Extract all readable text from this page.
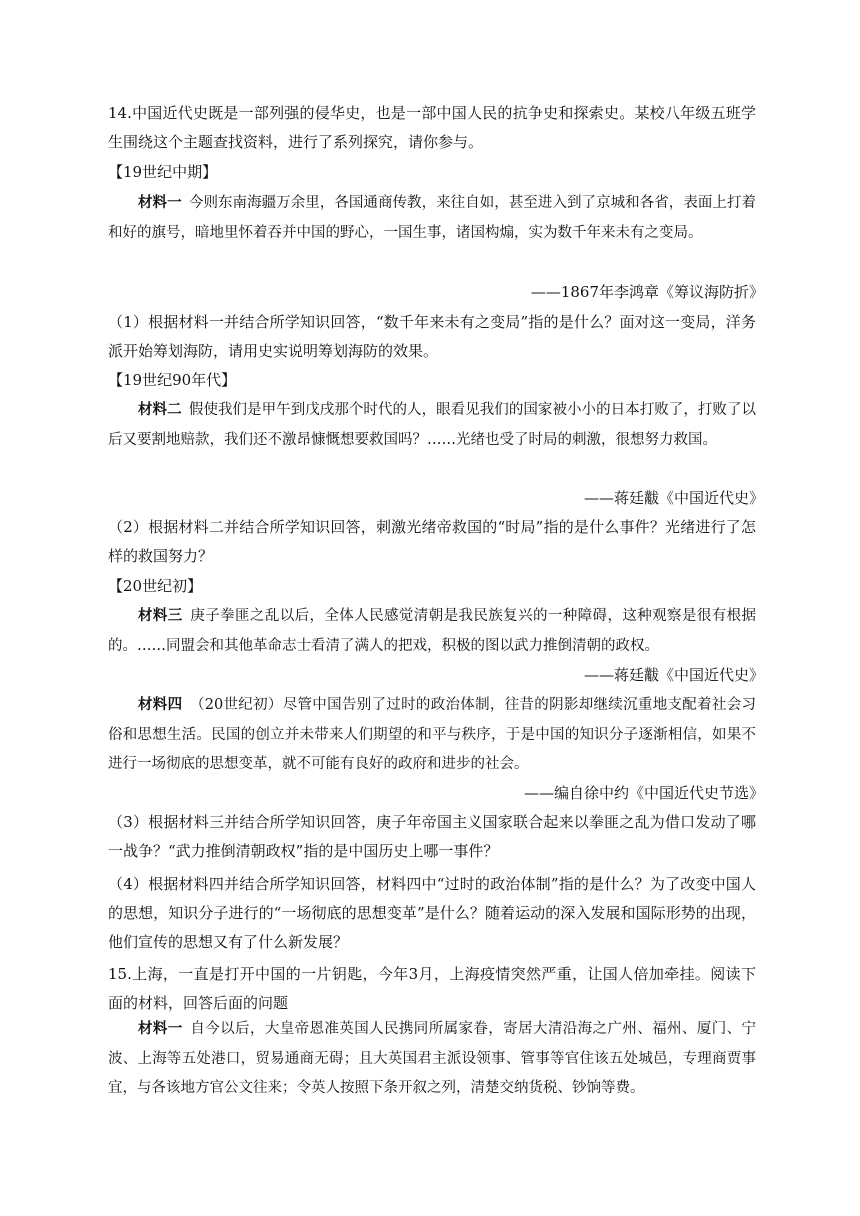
14.中国近代史既是一部列强的侵华史，也是一部中国人民的抗争史和探索史。某校八年级五班学生围绕这个主题查找资料，进行了系列探究，请你参与。
【19世纪中期】
材料一  今则东南海疆万余里，各国通商传教，来往自如，甚至进入到了京城和各省，表面上打着和好的旗号，暗地里怀着吞并中国的野心，一国生事，诸国构煽，实为数千年来未有之变局。
——1867年李鸿章《筹议海防折》
（1）根据材料一并结合所学知识回答，“数千年来未有之变局”指的是什么？面对这一变局，洋务派开始筹划海防，请用史实说明筹划海防的效果。
【19世纪90年代】
材料二  假使我们是甲午到戊戌那个时代的人，眼看见我们的国家被小小的日本打败了，打败了以后又要割地赔款，我们还不激昂慷慨想要救国吗？……光绪也受了时局的刺激，很想努力救国。
——蒋廷黻《中国近代史》
（2）根据材料二并结合所学知识回答，刺激光绪帝救国的“时局”指的是什么事件？光绪进行了怎样的救国努力？
【20世纪初】
材料三  庚子拳匪之乱以后，全体人民感觉清朝是我民族复兴的一种障碍，这种观察是很有根据的。……同盟会和其他革命志士看清了满人的把戏，积极的图以武力推倒清朝的政权。
——蒋廷黻《中国近代史》
材料四  （20世纪初）尽管中国告别了过时的政治体制，往昔的阴影却继续沉重地支配着社会习俗和思想生活。民国的创立并未带来人们期望的和平与秩序，于是中国的知识分子逐渐相信，如果不进行一场彻底的思想变革，就不可能有良好的政府和进步的社会。
——编自徐中约《中国近代史节选》
（3）根据材料三并结合所学知识回答，庚子年帝国主义国家联合起来以拳匪之乱为借口发动了哪一战争？“武力推倒清朝政权”指的是中国历史上哪一事件？
（4）根据材料四并结合所学知识回答，材料四中“过时的政治体制”指的是什么？为了改变中国人的思想，知识分子进行的“一场彻底的思想变革”是什么？随着运动的深入发展和国际形势的出现，他们宣传的思想又有了什么新发展？
15.上海，一直是打开中国的一片钥匙，今年3月，上海疫情突然严重，让国人倍加牵挂。阅读下面的材料，回答后面的问题
材料一  自今以后，大皇帝恩准英国人民携同所属家眷，寄居大清沿海之广州、福州、厦门、宁波、上海等五处港口，贸易通商无碍；且大英国君主派设领事、管事等官住该五处城邑，专理商贾事宜，与各该地方官公文往来；令英人按照下条开叙之列，清楚交纳货税、钞饷等费。
